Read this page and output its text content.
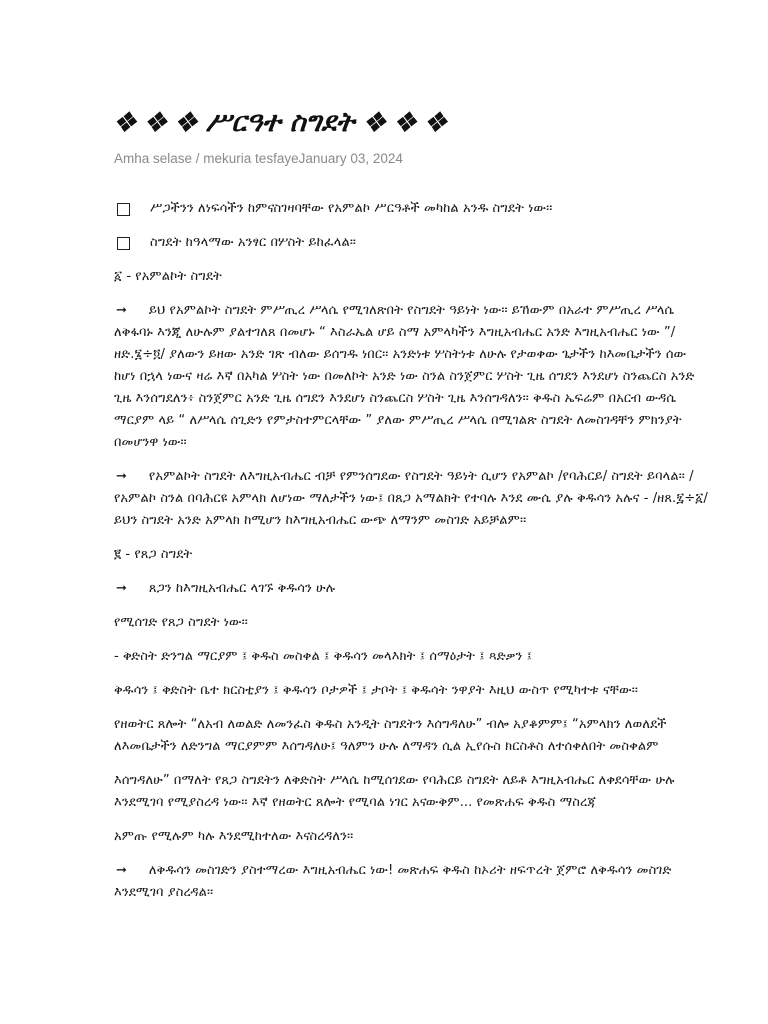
❖ ❖ ❖ ሥርዓተ ስግደት ❖ ❖ ❖
Amha selase / mekuria tesfayeJanuary 03, 2024

ሥጋችንን ለነፍሳችን ከምናስገዛባቸው የአምልኮ ሥርዓቶች መካከል አንዱ ስግደት ነው፡፡

ስግደት ከዓላማው አንፃር በሦስት ይከፈላል፡፡

፩ - የአምልኮት ስግደት

➞ ይህ የአምልኮት ስግደት ምሥጢረ ሥላሴ የሚገለጽበት የስግደት ዓይነት ነው፡፡ ይኸውም በአራተ ምሥጢረ ሥላሴ ለቅፋባኑ እንጂ ለሁሉም ያልተገለጸ በመሆኑ “ እስራኤል ሆይ ስማ አምላካችን እግዚአብሔር አንድ እግዚአብሔር ነው ”/ዘድ.፮÷፬/ ያለውን ይዘው አንድ ገጽ ብለው ይሰግዱ ነበር፡፡ አንድነቱ ሦስትነቱ ለሁሉ የታወቀው ጌታችን ከእመቤታችን ሰው ከሆነ በኋላ ነውና ዛሬ እኛ በአካል ሦስት ነው በመለኮት አንድ ነው ስንል ስንጀምር ሦስት ጊዜ ሰግደን እንደሆነ ስንጨርስ አንድ ጊዜ እንሰግደለን፥ ስንጀምር አንድ ጊዜ ሰግደን እንደሆነ ስንጨርስ ሦስት ጊዜ እንሰግዳለን፡፡ ቅዱስ ኤፍሬም በአርብ ውዳሴ ማርያም ላይ “ ለሥላሴ ሰጊድን የምታስተምርላቸው ” ያለው ምሥጢረ ሥላሴ በሚገልጽ ስግደት ለመስገዳቸን ምክንያት በመሆንዋ ነው፡፡

➞ የአምልኮት ስግደት ለእግዚአብሔር ብቻ የምንሰግደው የስግደት ዓይነት ሲሆን የአምልኮ /የባሕርይ/ ስግደት ይባላል፡፡ /የአምልኮ ስንል በባሕርዩ አምላክ ለሆነው ማለታችን ነው፤ በጸጋ አማልክት የተባሉ እንደ ሙሴ ያሉ ቅዱሳን አሉና - /ዘጸ.፯÷፩/ ይህን ስግደት አንድ አምላክ ከሚሆን ከእግዚአብሔር ውጭ ለማንም መስገድ አይቻልም፡፡

፪ - የጸጋ ስግደት

➞ ጸጋን ከእግዚአብሔር ላገኙ ቅዱሳን ሁሉ

የሚሰገድ የጸጋ ስግደት ነው፡፡

- ቅድስት ድንግል ማርያም ፤ ቅዱስ መስቀል ፤ ቅዱሳን መላእክት ፤ ሰማዕታት ፤ ጻድቃን ፤

ቅዱሳን ፤ ቅድስት ቤተ ክርስቲያን ፤ ቅዱሳን ቦታዎች ፤ ታቦት ፤ ቅዱሳት ንዋያት እዚህ ውስጥ የሚካተቱ ናቸው፡፡

የዘወትር ጸሎት “ለአብ ለወልድ ለመንፈስ ቅዱስ አንዲት ስግደትን እሰግዳለሁ” ብሎ አያቆምም፤ “አምላክን ለወለደች ለእመቤታችን ለድንግል ማርያምም እሰግዳለሁ፤ ዓለምን ሁሉ ለማዳን ሲል ኢየሱስ ክርስቶስ ለተሰቀለበት መስቀልም

እሰግዳለሁ” በማለት የጸጋ ስግደትን ለቅድስት ሥላሴ ከሚሰገደው የባሕርይ ስግደት ለይቶ እግዚአብሔር ለቀደሳቸው ሁሉ እንደሚገባ የሚያስረዳ ነው፡፡ እኛ የዘወትር ጸሎት የሚባል ነገር አናውቅም... የመጽሐፍ ቅዱስ ማስረጃ

አምጡ የሚሉም ካሉ እንደሚከተለው እናስረዳለን፡፡

➞ ለቅዱሳን መስገድን ያስተማረው እግዚአብሔር ነው! መጽሐፍ ቅዱስ ከኦሪት ዘፍጥረት ጀምሮ ለቅዱሳን መስገድ እንደሚገባ ያስረዳል፡፡
